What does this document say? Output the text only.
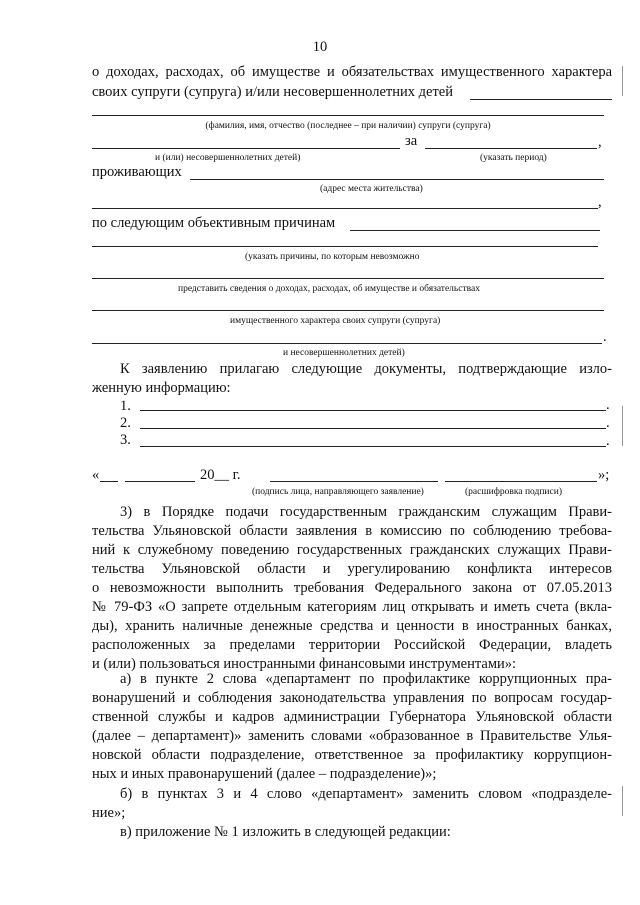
10
о доходах, расходах, об имуществе и обязательствах имущественного характера
своих супруги (супруга) и/или несовершеннолетних детей
(фамилия, имя, отчество (последнее – при наличии) супруги (супруга)
за	,
и (или) несовершеннолетних детей)	(указать период)
проживающих
(адрес места жительства)
,
по следующим объективным причинам
(указать причины, по которым невозможно
представить сведения о доходах, расходах, об имуществе и обязательствах
имущественного характера своих супруги (супруга)
.
и несовершеннолетних детей)
К заявлению прилагаю следующие документы, подтверждающие изло-
женную информацию:
1.	.
2.	.
3.	.
«	20__ г.	»;
(подпись лица, направляющего заявление)	(расшифровка подписи)
3) в Порядке подачи государственным гражданским служащим Прави-
тельства Ульяновской области заявления в комиссию по соблюдению требова-
ний к служебному поведению государственных гражданских служащих Прави-
тельства Ульяновской области и урегулированию конфликта интересов
о невозможности выполнить требования Федерального закона от 07.05.2013
№ 79-ФЗ «О запрете отдельным категориям лиц открывать и иметь счета (вкла-
ды), хранить наличные денежные средства и ценности в иностранных банках,
расположенных за пределами территории Российской Федерации, владеть
и (или) пользоваться иностранными финансовыми инструментами»:
а) в пункте 2 слова «департамент по профилактике коррупционных пра-
вонарушений и соблюдения законодательства управления по вопросам государ-
ственной службы и кадров администрации Губернатора Ульяновской области
(далее – департамент)» заменить словами «образованное в Правительстве Улья-
новской области подразделение, ответственное за профилактику коррупцион-
ных и иных правонарушений (далее – подразделение)»;
б) в пунктах 3 и 4 слово «департамент» заменить словом «подразделе-
ние»;
в) приложение № 1 изложить в следующей редакции:
